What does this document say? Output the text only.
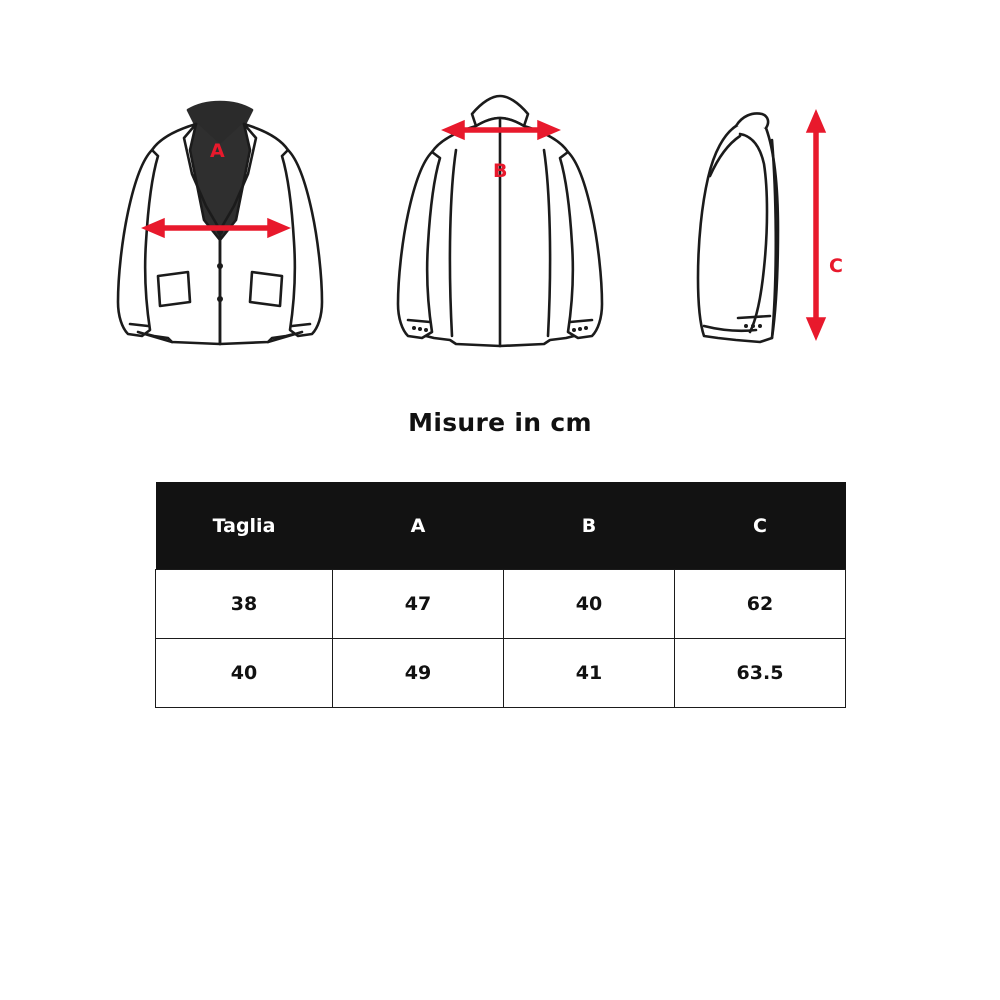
A
B
C
Misure in cm
Taglia	A	B	C
38	47	40	62
40	49	41	63.5
